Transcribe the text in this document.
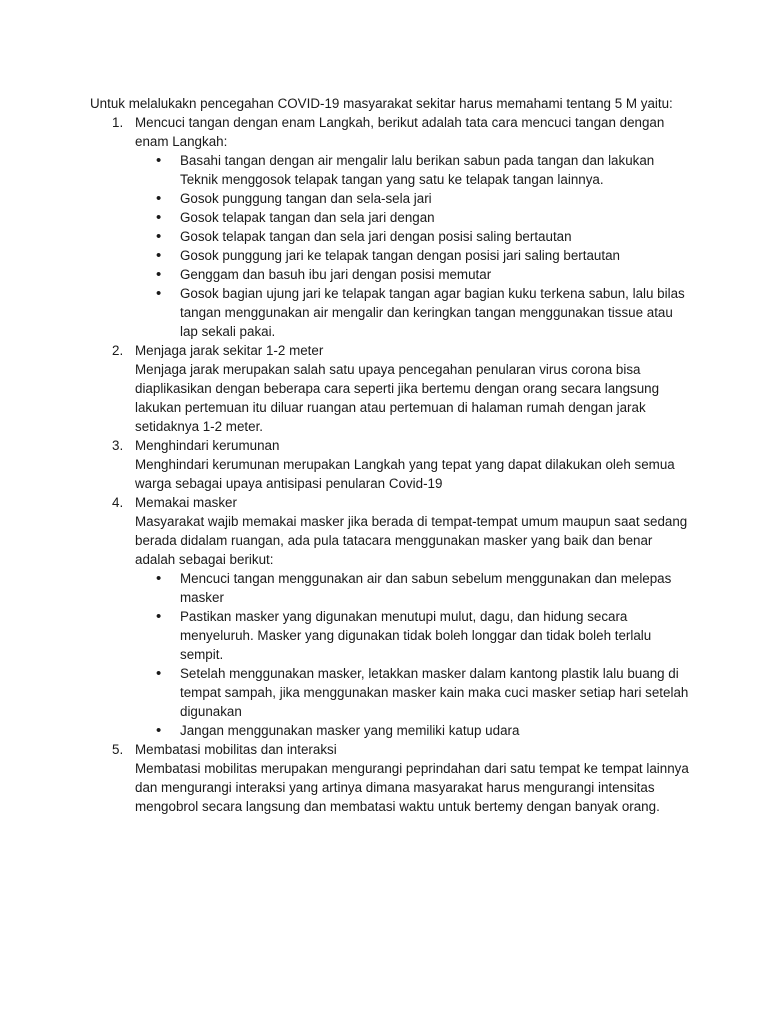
Untuk melalukakn pencegahan COVID-19 masyarakat sekitar harus memahami tentang 5 M yaitu:

1. Mencuci tangan dengan enam Langkah, berikut adalah tata cara mencuci tangan dengan enam Langkah:

• Basahi tangan dengan air mengalir lalu berikan sabun pada tangan dan lakukan Teknik menggosok telapak tangan yang satu ke telapak tangan lainnya.
• Gosok punggung tangan dan sela-sela jari
• Gosok telapak tangan dan sela jari dengan
• Gosok telapak tangan dan sela jari dengan posisi saling bertautan
• Gosok punggung jari ke telapak tangan dengan posisi jari saling bertautan
• Genggam dan basuh ibu jari dengan posisi memutar
• Gosok bagian ujung jari ke telapak tangan agar bagian kuku terkena sabun, lalu bilas tangan menggunakan air mengalir dan keringkan tangan menggunakan tissue atau lap sekali pakai.
2. Menjaga jarak sekitar 1-2 meter

Menjaga jarak merupakan salah satu upaya pencegahan penularan virus corona bisa diaplikasikan dengan beberapa cara seperti jika bertemu dengan orang secara langsung lakukan pertemuan itu diluar ruangan atau pertemuan di halaman rumah dengan jarak setidaknya 1-2 meter.

3. Menghindari kerumunan

Menghindari kerumunan merupakan Langkah yang tepat yang dapat dilakukan oleh semua warga sebagai upaya antisipasi penularan Covid-19

4. Memakai masker

Masyarakat wajib memakai masker jika berada di tempat-tempat umum maupun saat sedang berada didalam ruangan, ada pula tatacara menggunakan masker yang baik dan benar adalah sebagai berikut:

• Mencuci tangan menggunakan air dan sabun sebelum menggunakan dan melepas masker
• Pastikan masker yang digunakan menutupi mulut, dagu, dan hidung secara menyeluruh. Masker yang digunakan tidak boleh longgar dan tidak boleh terlalu sempit.
• Setelah menggunakan masker, letakkan masker dalam kantong plastik lalu buang di tempat sampah, jika menggunakan masker kain maka cuci masker setiap hari setelah digunakan
• Jangan menggunakan masker yang memiliki katup udara
5. Membatasi mobilitas dan interaksi

Membatasi mobilitas merupakan mengurangi peprindahan dari satu tempat ke tempat lainnya dan mengurangi interaksi yang artinya dimana masyarakat harus mengurangi intensitas mengobrol secara langsung dan membatasi waktu untuk bertemy dengan banyak orang.
